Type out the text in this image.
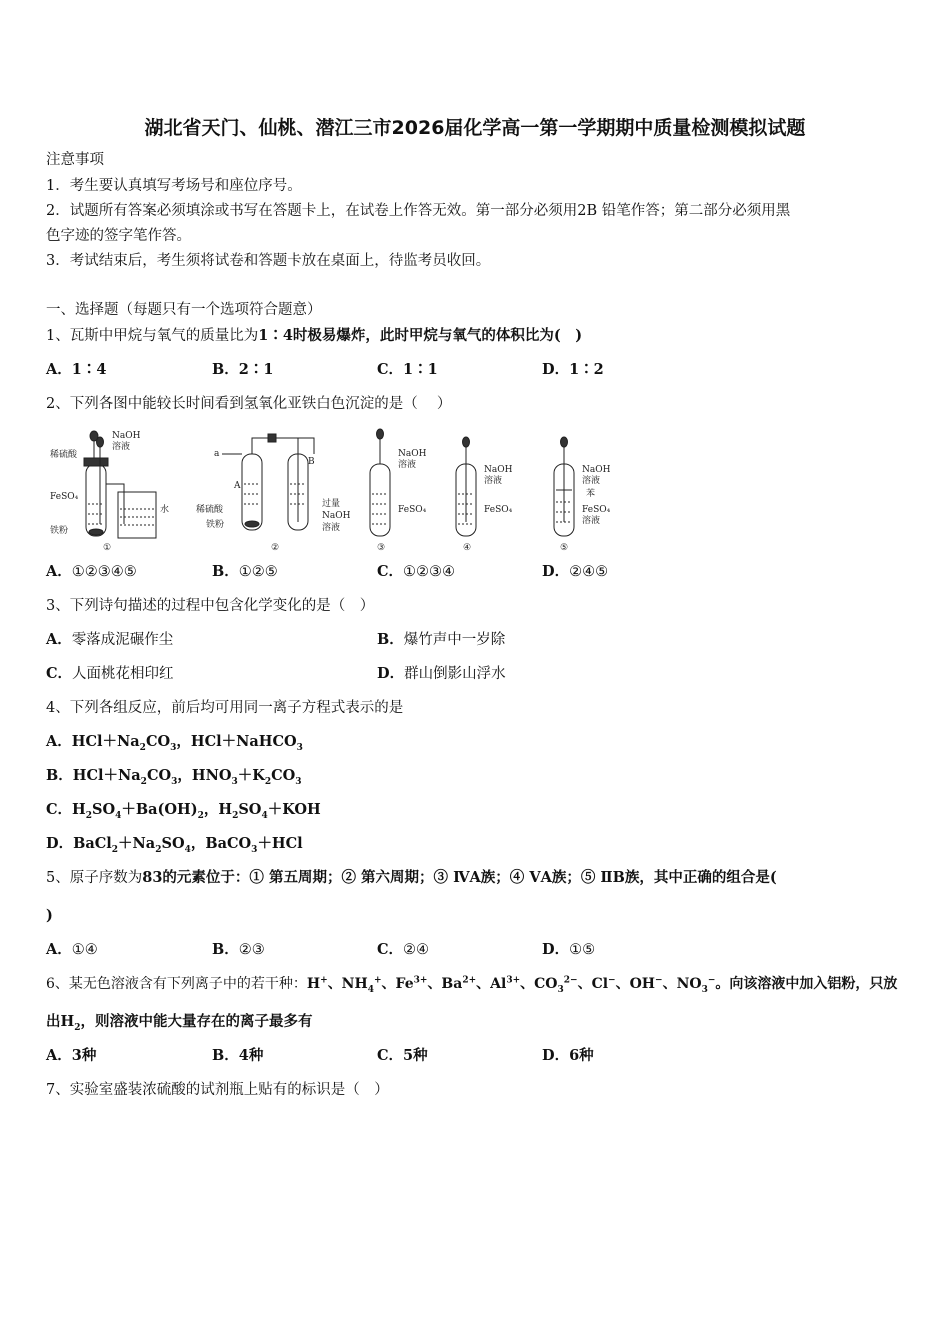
湖北省天门、仙桃、潜江三市2026届化学高一第一学期期中质量检测模拟试题
注意事项
1．考生要认真填写考场号和座位序号。
2．试题所有答案必须填涂或书写在答题卡上，在试卷上作答无效。第一部分必须用2B 铅笔作答；第二部分必须用黑
色字迹的签字笔作答。
3．考试结束后，考生须将试卷和答题卡放在桌面上，待监考员收回。
一、选择题（每题只有一个选项符合题意）
1、瓦斯中甲烷与氧气的质量比为1∶4时极易爆炸，此时甲烷与氧气的体积比为(　)
A．1∶4	B．2∶1	C．1∶1	D．1∶2
2、下列各图中能较长时间看到氢氧化亚铁白色沉淀的是（　 ）
稀硫酸
NaOH
溶液
FeSO₄
铁粉
水
①
a
A
B
稀硫酸
铁粉
过量
NaOH
溶液
②
NaOH
溶液
FeSO₄
③
NaOH
溶液
FeSO₄
④
NaOH
溶液
苯
FeSO₄
溶液
⑤
A．①②③④⑤	B．①②⑤	C．①②③④	D．②④⑤
3、下列诗句描述的过程中包含化学变化的是（　）
A．零落成泥碾作尘	B．爆竹声中一岁除
C．人面桃花相印红	D．群山倒影山浮水
4、下列各组反应，前后均可用同一离子方程式表示的是
A．$HCl+Na_2CO_3$，HCl＋NaHCO$_3$
B．$HCl+Na_2CO_3$，$HNO_3+K_2CO_3$
C．$H_2SO_4+Ba(OH)_2$，$H_2SO_4+KOH$
D．$BaCl_2+Na_2SO_4$，BaCO$_3$＋HCl
5、原子序数为83的元素位于：① 第五周期；② 第六周期；③ ⅣA族；④ ⅤA族；⑤ ⅡB族，其中正确的组合是(
)
A．①④	B．②③	C．②④	D．①⑤
6、某无色溶液含有下列离子中的若干种：H+、$NH_4^+$、$Fe^{3+}$、$Ba^{2+}$、$Al^{3+}$、$CO_3^{2-}$、Cl−、OH−、$NO_3^-$。向该溶液中加入铝粉，只放
出$H_2$，则溶液中能大量存在的离子最多有
A．3种	B．4种	C．5种	D．6种
7、实验室盛装浓硫酸的试剂瓶上贴有的标识是（　）
